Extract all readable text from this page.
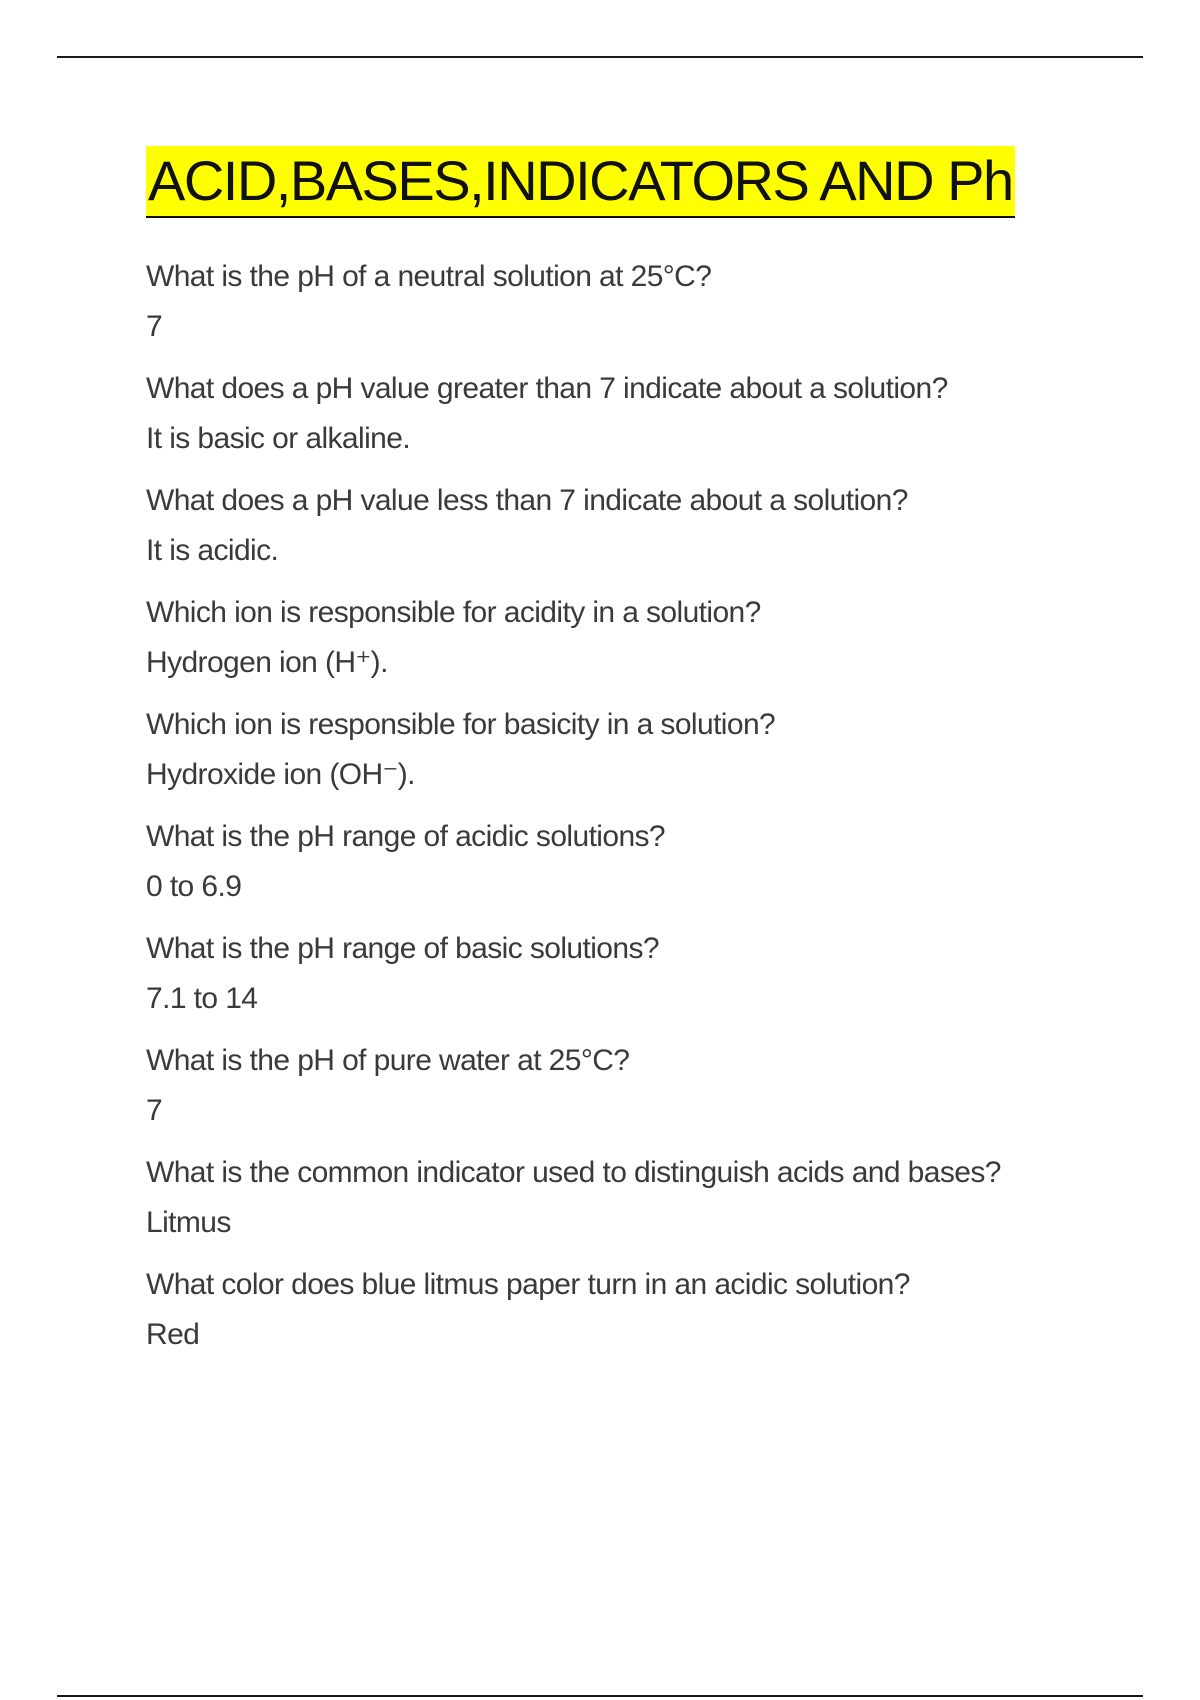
ACID,BASES,INDICATORS AND Ph
What is the pH of a neutral solution at 25°C?
7
What does a pH value greater than 7 indicate about a solution?
It is basic or alkaline.
What does a pH value less than 7 indicate about a solution?
It is acidic.
Which ion is responsible for acidity in a solution?
Hydrogen ion (H⁺).
Which ion is responsible for basicity in a solution?
Hydroxide ion (OH⁻).
What is the pH range of acidic solutions?
0 to 6.9
What is the pH range of basic solutions?
7.1 to 14
What is the pH of pure water at 25°C?
7
What is the common indicator used to distinguish acids and bases?
Litmus
What color does blue litmus paper turn in an acidic solution?
Red
